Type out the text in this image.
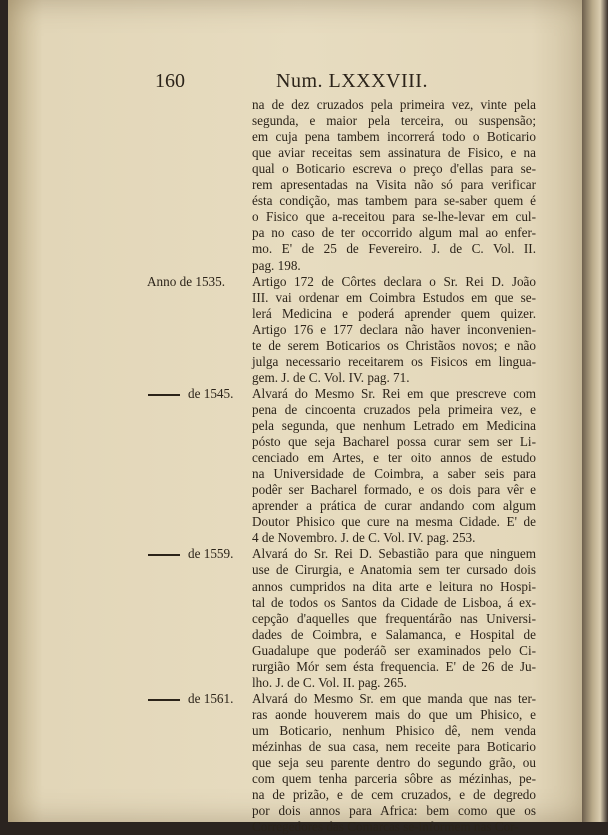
160	Num. LXXXVIII.
na de dez cruzados pela primeira vez, vinte pela
segunda, e maior pela terceira, ou suspensão;
em cuja pena tambem incorrerá todo o Boticario
que aviar receitas sem assinatura de Fisico, e na
qual o Boticario escreva o preço d'ellas para se-
rem apresentadas na Visita não só para verificar
ésta condição, mas tambem para se-saber quem é
o Fisico que a-receitou para se-lhe-levar em cul-
pa no caso de ter occorrido algum mal ao enfer-
mo. E' de 25 de Fevereiro. J. de C. Vol. II.
pag. 198.
Artigo 172 de Côrtes declara o Sr. Rei D. João
III. vai ordenar em Coimbra Estudos em que se-
lerá Medicina e poderá aprender quem quizer.
Artigo 176 e 177 declara não haver inconvenien-
te de serem Boticarios os Christãos novos; e não
julga necessario receitarem os Fisicos em lingua-
gem. J. de C. Vol. IV. pag. 71.
Alvará do Mesmo Sr. Rei em que prescreve com
pena de cincoenta cruzados pela primeira vez, e
pela segunda, que nenhum Letrado em Medicina
pósto que seja Bacharel possa curar sem ser Li-
cenciado em Artes, e ter oito annos de estudo
na Universidade de Coimbra, a saber seis para
podêr ser Bacharel formado, e os dois para vêr e
aprender a prática de curar andando com algum
Doutor Phisico que cure na mesma Cidade. E' de
4 de Novembro. J. de C. Vol. IV. pag. 253.
Alvará do Sr. Rei D. Sebastião para que ninguem
use de Cirurgia, e Anatomia sem ter cursado dois
annos cumpridos na dita arte e leitura no Hospi-
tal de todos os Santos da Cidade de Lisboa, á ex-
cepção d'aquelles que frequentárão nas Universi-
dades de Coimbra, e Salamanca, e Hospital de
Guadalupe que poderáõ ser examinados pelo Ci-
rurgião Mór sem ésta frequencia. E' de 26 de Ju-
lho. J. de C. Vol. II. pag. 265.
Alvará do Mesmo Sr. em que manda que nas ter-
ras aonde houverem mais do que um Phisico, e
um Boticario, nenhum Phisico dê, nem venda
mézinhas de sua casa, nem receite para Boticario
que seja seu parente dentro do segundo grão, ou
com quem tenha parceria sôbre as mézinhas, pe-
na de prizão, e de cem cruzados, e de degredo
por dois annos para Africa: bem como que os
Corregedores das Comarcas se-informem nas Cor-
Anno de 1535.
de 1545.
de 1559.
de 1561.
